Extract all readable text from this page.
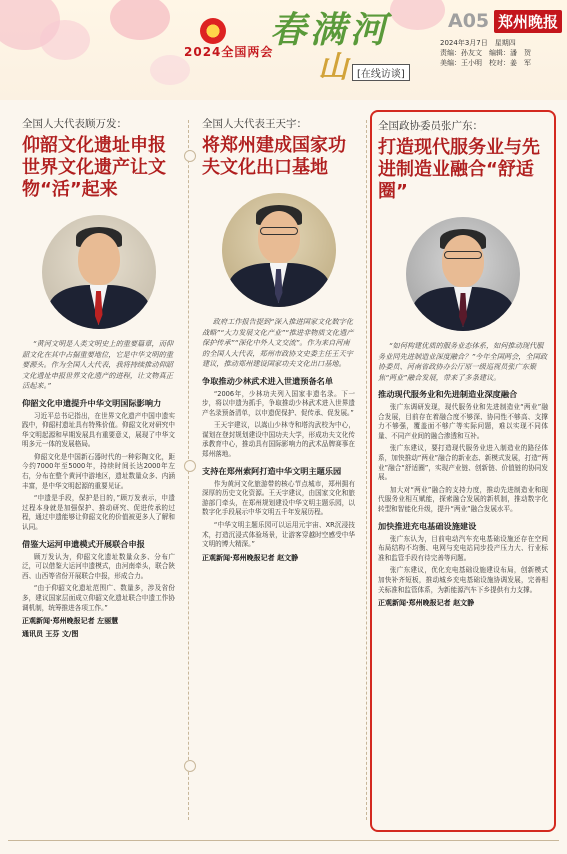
2024全国两会
春满河
山 [在线访谈]
A05 郑州晚报
2024年3月7日　星期四
责编：孙友文　编辑：潘　贺
美编：王小明　校对：姜　军
全国人大代表顾万发：
仰韶文化遗址申报世界文化遗产让文物“活”起来

“黄河文明是人类文明史上的重要篇章，而仰韶文化在其中占据重要地位，它是中华文明的重要源头。作为全国人大代表，我将持续推动仰韶文化遗址申报世界文化遗产的进程，让文物真正活起来。”

仰韶文化申遗提升中华文明国际影响力

习近平总书记指出，在世界文化遗产中国申遗实践中，仰韶村遗址具有特殊价值。仰韶文化对研究中华文明起源和早期发展具有重要意义，展现了中华文明多元一体的发展格局。

仰韶文化是中国新石器时代的一种彩陶文化，距今约7000年至5000年，持续时间长达2000年左右，分布在整个黄河中游地区，遗址数量众多、内涵丰富，是中华文明起源的重要见证。

“申遗是手段，保护是目的，”顾万发表示，申遗过程本身就是加强保护、推动研究、促进传承的过程，通过申遗能够让仰韶文化的价值被更多人了解和认同。

借鉴大运河申遗模式开展联合申报

顾万发认为，仰韶文化遗址数量众多、分布广泛，可以借鉴大运河申遗模式，由河南牵头，联合陕西、山西等省份开展联合申报，形成合力。

“由于仰韶文化遗址范围广、数量多，涉及省份多，建议国家层面成立仰韶文化遗址联合申遗工作协调机制，统筹推进各项工作。”

正观新闻·郑州晚报记者 左丽慧
通讯员 王芬 文/图
全国人大代表王天宇：
将郑州建成国家功夫文化出口基地

政府工作报告提到“深入推进国家文化数字化战略”“大力发展文化产业”“推进非物质文化遗产保护传承”“深化中外人文交流”。作为来自河南的全国人大代表，郑州市政协文史委主任王天宇建议，推动郑州建设国家功夫文化出口基地。

争取推动少林武术进入世遗预备名单

“2006年，少林功夫列入国家非遗名录。下一步，将以申遗为抓手，争取推动少林武术进入世界遗产名录预备清单，以申遗促保护、促传承、促发展。”

王天宇建议，以嵩山少林寺和塔沟武校为中心，谋划在登封规划建设中国功夫大学，形成功夫文化传承教育中心，推动具有国际影响力的武术品牌赛事在郑州落地。

支持在郑州索阿打造中华文明主题乐园

作为黄河文化旅游带的核心节点城市，郑州拥有深厚的历史文化资源。王天宇建议，由国家文化和旅游部门牵头，在郑州规划建设中华文明主题乐园，以数字化手段展示中华文明五千年发展历程。

“中华文明主题乐园可以运用元宇宙、XR沉浸技术，打造沉浸式体验场景，让游客穿越时空感受中华文明的博大精深。”

正观新闻·郑州晚报记者 赵文静
全国政协委员张广东：
打造现代服务业与先进制造业融合“舒适圈”

“如何构建优质的服务业态体系，如何推动现代服务业同先进制造业深度融合？”今年全国两会，全国政协委员、河南省政协办公厅原一级巡视员张广东聚焦“两业”融合发展，带来了多条建议。

推动现代服务业和先进制造业深度融合

张广东调研发现，现代服务业和先进制造业“两业”融合发展，目前存在着融合度不够深、协同性不够高、支撑力不够强，覆盖面不够广等实际问题，难以实现不同体量、不同产业间的融合渗透和互补。

张广东建议，要打造现代服务业进入制造业的路径体系，加快推动“两业”融合的新业态、新模式发展，打造“两业”融合“舒适圈”，实现产业链、创新链、价值链的协同发展。

加大对“两业”融合的支持力度，推动先进制造业和现代服务业相互赋能，探索融合发展的新机制，推动数字化转型和智能化升级，提升“两业”融合发展水平。

加快推进充电基础设施建设

张广东认为，目前电动汽车充电基础设施还存在空间布局结构不均衡、电网与充电站同步投产压力大、行业标准和监管手段有待完善等问题。

张广东建议，优化充电基础设施建设布局，创新模式加快补齐短板，推动城乡充电基础设施协调发展，完善相关标准和监管体系，为新能源汽车下乡提供有力支撑。

正观新闻·郑州晚报记者 赵文静
